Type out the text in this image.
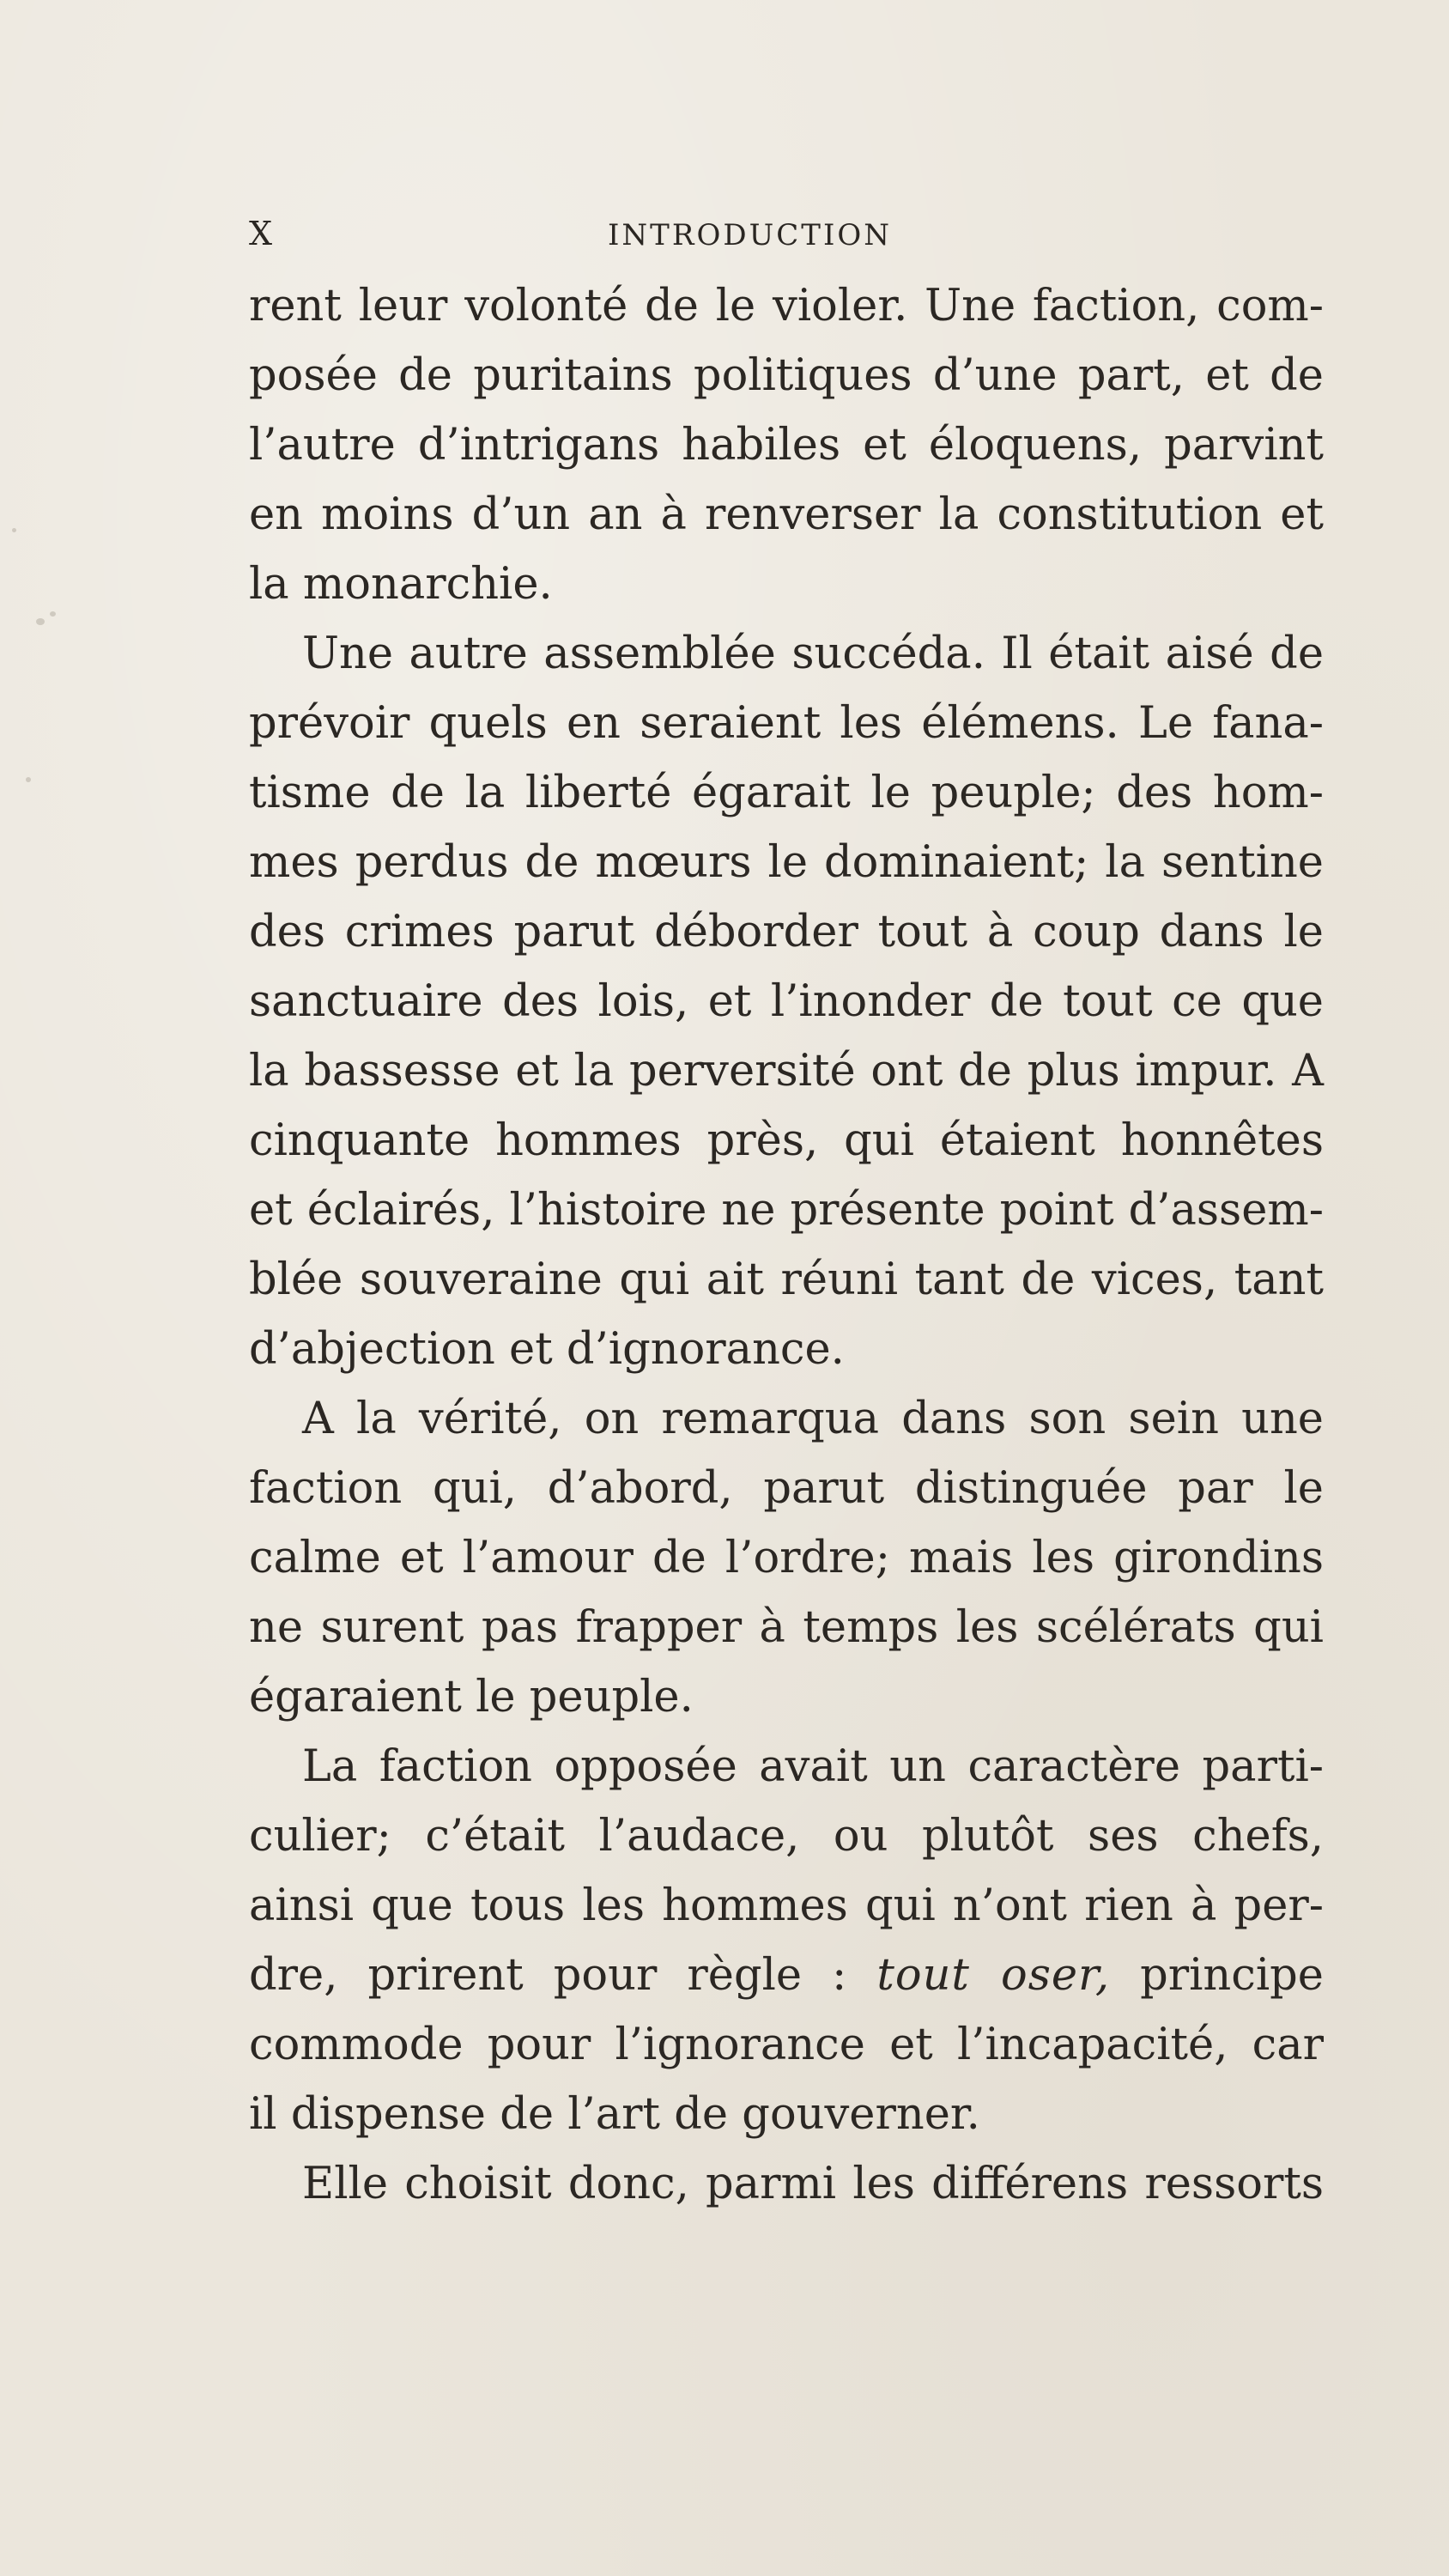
X	INTRODUCTION
rent leur volonté de le violer. Une faction, com-
posée de puritains politiques d’une part, et de
l’autre d’intrigans habiles et éloquens, parvint
en moins d’un an à renverser la constitution et
la monarchie.
Une autre assemblée succéda. Il était aisé de
prévoir quels en seraient les élémens. Le fana-
tisme de la liberté égarait le peuple; des hom-
mes perdus de mœurs le dominaient; la sentine
des crimes parut déborder tout à coup dans le
sanctuaire des lois, et l’inonder de tout ce que
la bassesse et la perversité ont de plus impur. A
cinquante hommes près, qui étaient honnêtes
et éclairés, l’histoire ne présente point d’assem-
blée souveraine qui ait réuni tant de vices, tant
d’abjection et d’ignorance.
A la vérité, on remarqua dans son sein une
faction qui, d’abord, parut distinguée par le
calme et l’amour de l’ordre; mais les girondins
ne surent pas frapper à temps les scélérats qui
égaraient le peuple.
La faction opposée avait un caractère parti-
culier; c’était l’audace, ou plutôt ses chefs,
ainsi que tous les hommes qui n’ont rien à per-
dre, prirent pour règle : tout oser, principe
commode pour l’ignorance et l’incapacité, car
il dispense de l’art de gouverner.
Elle choisit donc, parmi les différens ressorts
